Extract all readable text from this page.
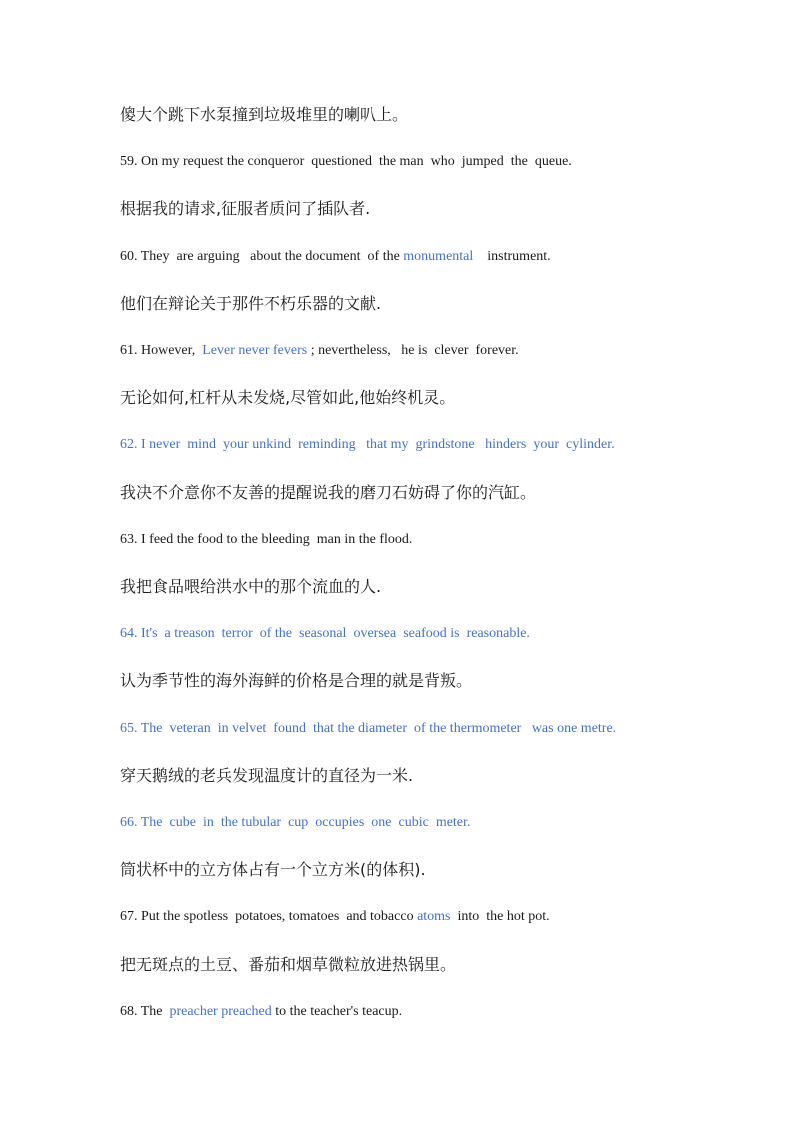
傻大个跳下水泵撞到垃圾堆里的喇叭上。
59. On my request the conqueror  questioned  the man  who  jumped  the  queue.
根据我的请求,征服者质问了插队者.
60. They  are arguing   about the document  of the monumental    instrument.
他们在辩论关于那件不朽乐器的文献.
61. However,  Lever never fevers ; nevertheless,   he is  clever  forever.
无论如何,杠杆从未发烧,尽管如此,他始终机灵。
62. I never  mind  your unkind  reminding   that my  grindstone   hinders  your  cylinder.
我决不介意你不友善的提醒说我的磨刀石妨碍了你的汽缸。
63. I feed the food to the bleeding  man in the flood.
我把食品喂给洪水中的那个流血的人.
64. It's  a treason  terror  of the  seasonal  oversea  seafood is  reasonable.
认为季节性的海外海鲜的价格是合理的就是背叛。
65. The  veteran  in velvet  found  that the diameter  of the thermometer   was one metre.
穿天鹅绒的老兵发现温度计的直径为一米.
66. The  cube  in  the tubular  cup  occupies  one  cubic  meter.
筒状杯中的立方体占有一个立方米(的体积).
67. Put the spotless  potatoes, tomatoes  and tobacco atoms  into  the hot pot.
把无斑点的土豆、番茄和烟草微粒放进热锅里。
68. The  preacher preached to the teacher's teacup.
